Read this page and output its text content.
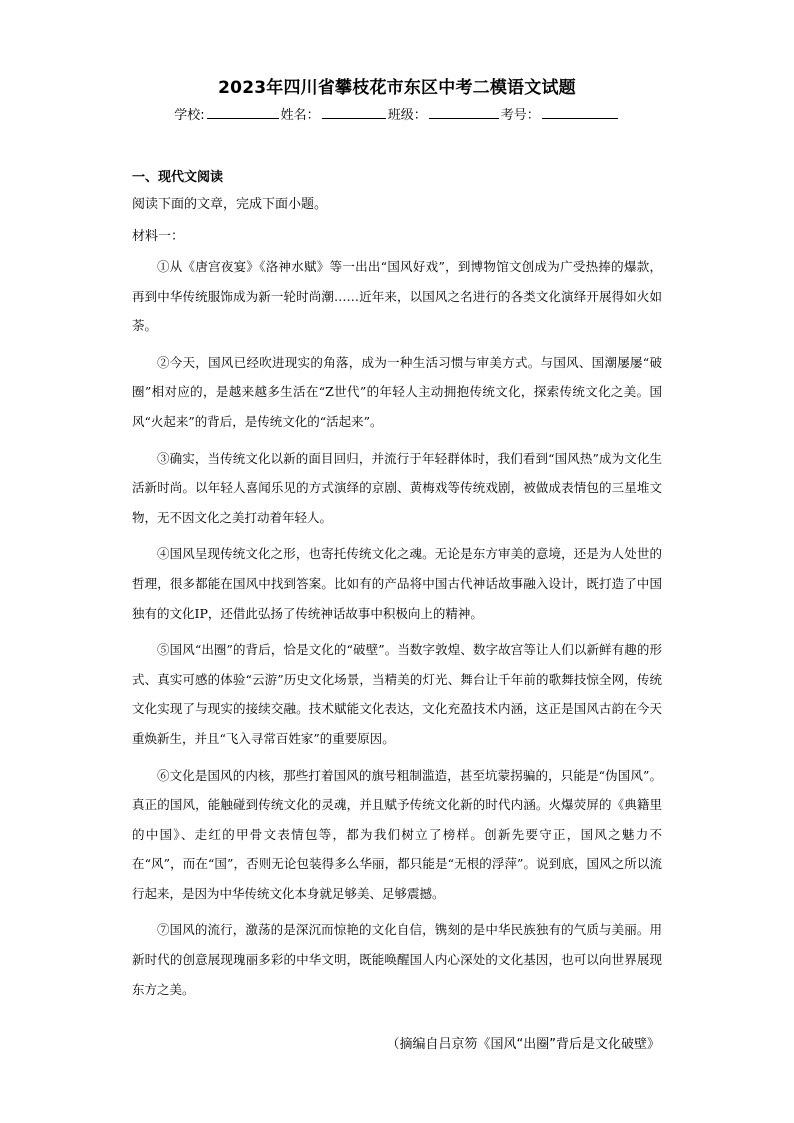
2023年四川省攀枝花市东区中考二模语文试题
学校:	姓名：	班级：	考号：
一、现代文阅读
阅读下面的文章，完成下面小题。
材料一：

①从《唐宫夜宴》《洛神水赋》等一出出“国风好戏”，到博物馆文创成为广受热捧的爆款，再到中华传统服饰成为新一轮时尚潮……近年来，以国风之名进行的各类文化演绎开展得如火如荼。

②今天，国风已经吹进现实的角落，成为一种生活习惯与审美方式。与国风、国潮屡屡“破圈”相对应的，是越来越多生活在“Z世代”的年轻人主动拥抱传统文化，探索传统文化之美。国风“火起来”的背后，是传统文化的“活起来”。

③确实，当传统文化以新的面目回归，并流行于年轻群体时，我们看到“国风热”成为文化生活新时尚。以年轻人喜闻乐见的方式演绎的京剧、黄梅戏等传统戏剧，被做成表情包的三星堆文物，无不因文化之美打动着年轻人。

④国风呈现传统文化之形，也寄托传统文化之魂。无论是东方审美的意境，还是为人处世的哲理，很多都能在国风中找到答案。比如有的产品将中国古代神话故事融入设计，既打造了中国独有的文化IP，还借此弘扬了传统神话故事中积极向上的精神。

⑤国风“出圈”的背后，恰是文化的“破壁”。当数字敦煌、数字故宫等让人们以新鲜有趣的形式、真实可感的体验“云游”历史文化场景，当精美的灯光、舞台让千年前的歌舞技惊全网，传统文化实现了与现实的接续交融。技术赋能文化表达，文化充盈技术内涵，这正是国风古韵在今天重焕新生，并且“飞入寻常百姓家”的重要原因。

⑥文化是国风的内核，那些打着国风的旗号粗制滥造，甚至坑蒙拐骗的，只能是“伪国风”。真正的国风，能触碰到传统文化的灵魂，并且赋予传统文化新的时代内涵。火爆荧屏的《典籍里的中国》、走红的甲骨文表情包等，都为我们树立了榜样。创新先要守正，国风之魅力不在“风”，而在“国”，否则无论包装得多么华丽，都只能是“无根的浮萍”。说到底，国风之所以流行起来，是因为中华传统文化本身就足够美、足够震撼。

⑦国风的流行，激荡的是深沉而惊艳的文化自信，镌刻的是中华民族独有的气质与美丽。用新时代的创意展现瑰丽多彩的中华文明，既能唤醒国人内心深处的文化基因，也可以向世界展现东方之美。

（摘编自吕京笏《国风“出圈”背后是文化破壁》
